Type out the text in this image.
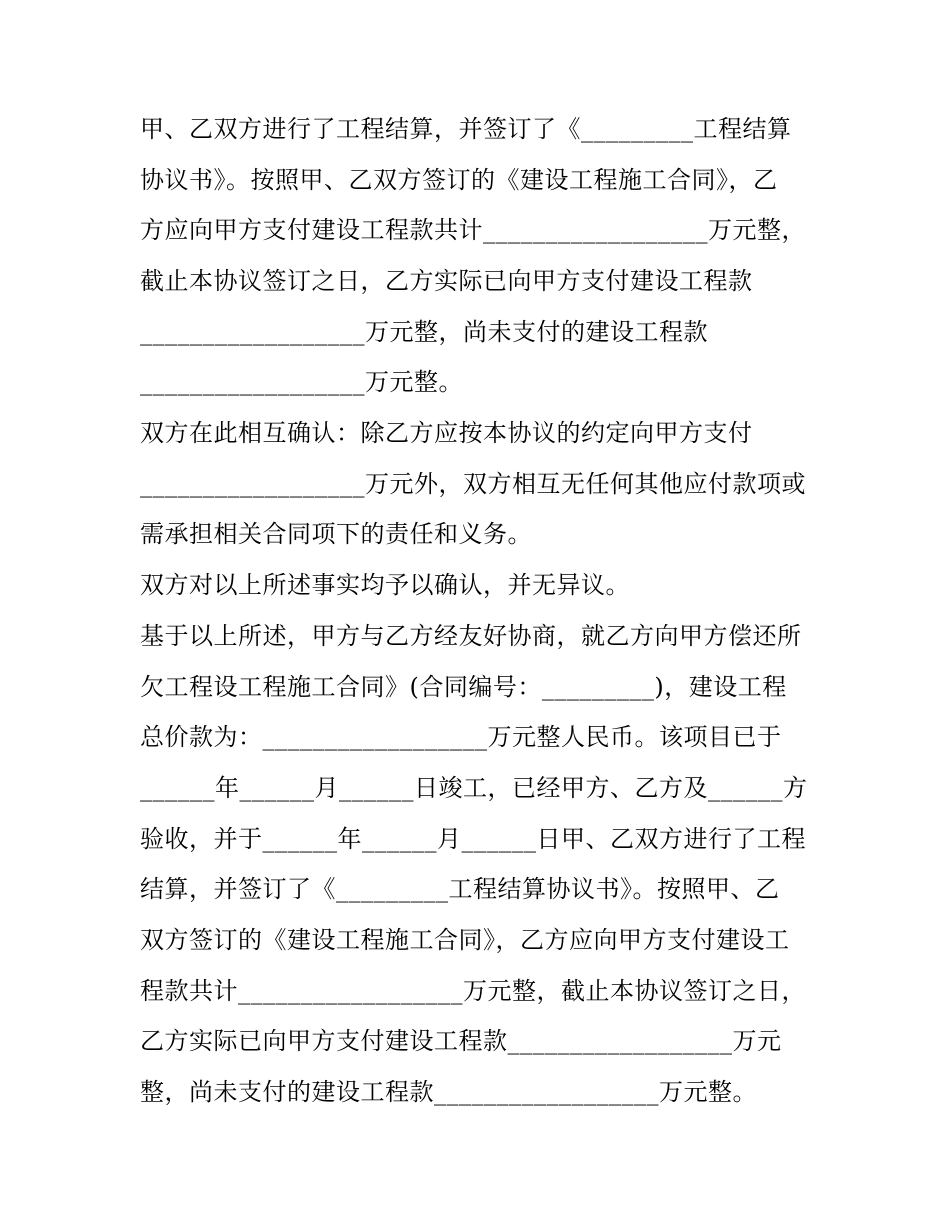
甲、乙双方进行了工程结算，并签订了《_________工程结算
协议书》。按照甲、乙双方签订的《建设工程施工合同》，乙
方应向甲方支付建设工程款共计__________________万元整，
截止本协议签订之日，乙方实际已向甲方支付建设工程款
__________________万元整，尚未支付的建设工程款
__________________万元整。
双方在此相互确认：除乙方应按本协议的约定向甲方支付
__________________万元外，双方相互无任何其他应付款项或
需承担相关合同项下的责任和义务。
双方对以上所述事实均予以确认，并无异议。
基于以上所述，甲方与乙方经友好协商，就乙方向甲方偿还所
欠工程设工程施工合同》(合同编号：_________)，建设工程
总价款为：__________________万元整人民币。该项目已于
______年______月______日竣工，已经甲方、乙方及______方
验收，并于______年______月______日甲、乙双方进行了工程
结算，并签订了《_________工程结算协议书》。按照甲、乙
双方签订的《建设工程施工合同》，乙方应向甲方支付建设工
程款共计__________________万元整，截止本协议签订之日，
乙方实际已向甲方支付建设工程款__________________万元
整，尚未支付的建设工程款__________________万元整。
